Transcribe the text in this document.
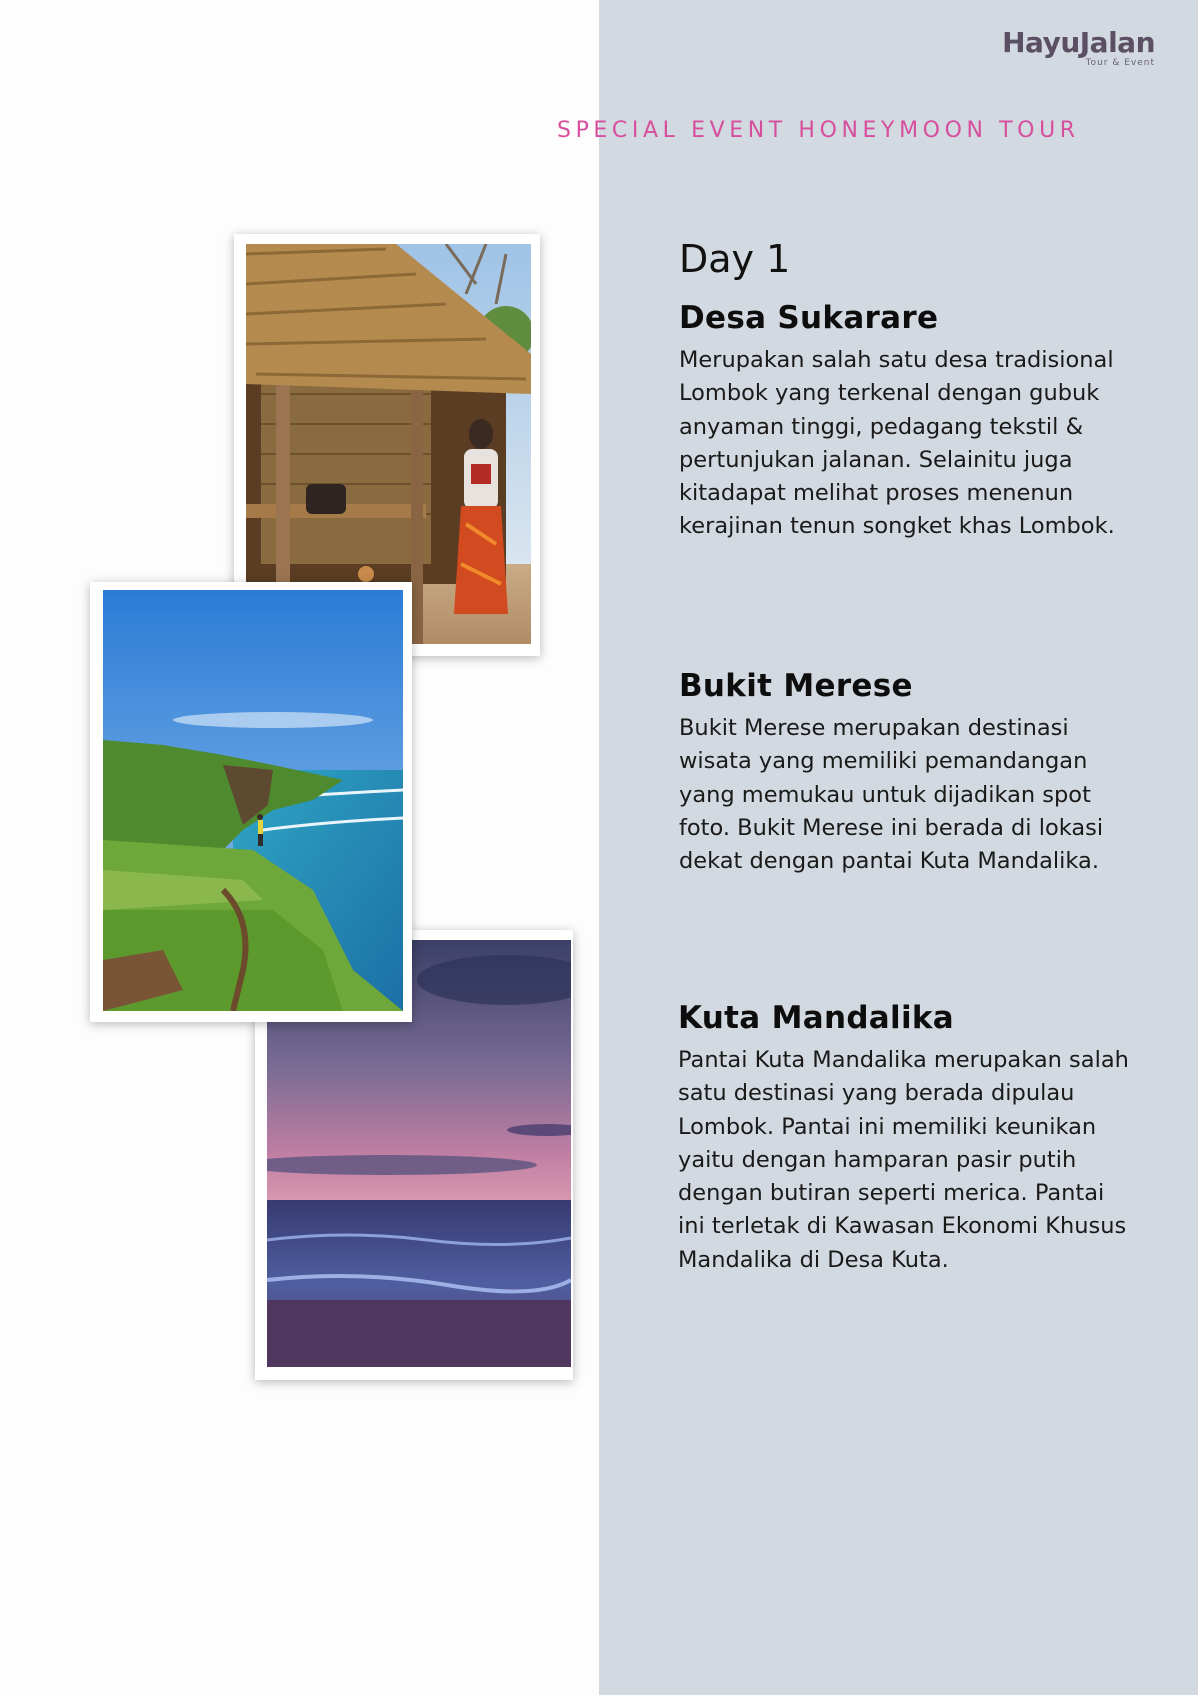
HayuJalan
Tour & Event
SPECIAL EVENT HONEYMOON TOUR
Day 1
Desa Sukarare

Merupakan salah satu desa tradisional Lombok yang terkenal dengan gubuk anyaman tinggi, pedagang tekstil & pertunjukan jalanan. Selainitu juga kitadapat melihat proses menenun kerajinan tenun songket khas Lombok.

Bukit Merese

Bukit Merese merupakan destinasi wisata yang memiliki pemandangan yang memukau untuk dijadikan spot foto. Bukit Merese ini berada di lokasi dekat dengan pantai Kuta Mandalika.

Kuta Mandalika

Pantai Kuta Mandalika merupakan salah satu destinasi yang berada dipulau Lombok. Pantai ini memiliki keunikan yaitu dengan hamparan pasir putih dengan butiran seperti merica. Pantai ini terletak di Kawasan Ekonomi Khusus Mandalika di Desa Kuta.
